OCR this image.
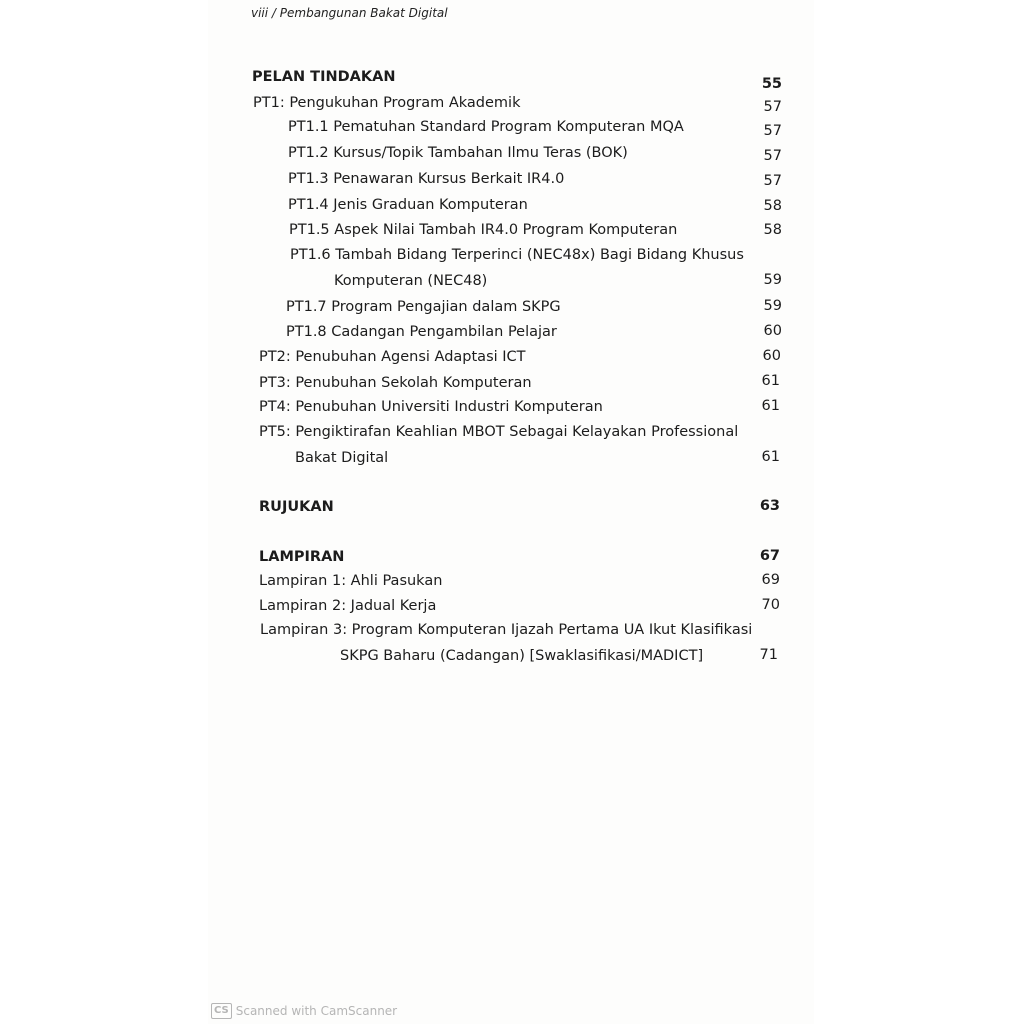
viii / Pembangunan Bakat Digital
PELAN TINDAKAN	55
PT1: Pengukuhan Program Akademik	57
PT1.1 Pematuhan Standard Program Komputeran MQA	57
PT1.2 Kursus/Topik Tambahan Ilmu Teras (BOK)	57
PT1.3 Penawaran Kursus Berkait IR4.0	57
PT1.4 Jenis Graduan Komputeran	58
PT1.5 Aspek Nilai Tambah IR4.0 Program Komputeran	58
PT1.6 Tambah Bidang Terperinci (NEC48x) Bagi Bidang Khusus
Komputeran (NEC48)	59
PT1.7 Program Pengajian dalam SKPG	59
PT1.8 Cadangan Pengambilan Pelajar	60
PT2: Penubuhan Agensi Adaptasi ICT	60
PT3: Penubuhan Sekolah Komputeran	61
PT4: Penubuhan Universiti Industri Komputeran	61
PT5: Pengiktirafan Keahlian MBOT Sebagai Kelayakan Professional
Bakat Digital	61
RUJUKAN	63
LAMPIRAN	67
Lampiran 1: Ahli Pasukan	69
Lampiran 2: Jadual Kerja	70
Lampiran 3: Program Komputeran Ijazah Pertama UA Ikut Klasifikasi
SKPG Baharu (Cadangan) [Swaklasifikasi/MADICT]	71
CS Scanned with CamScanner
